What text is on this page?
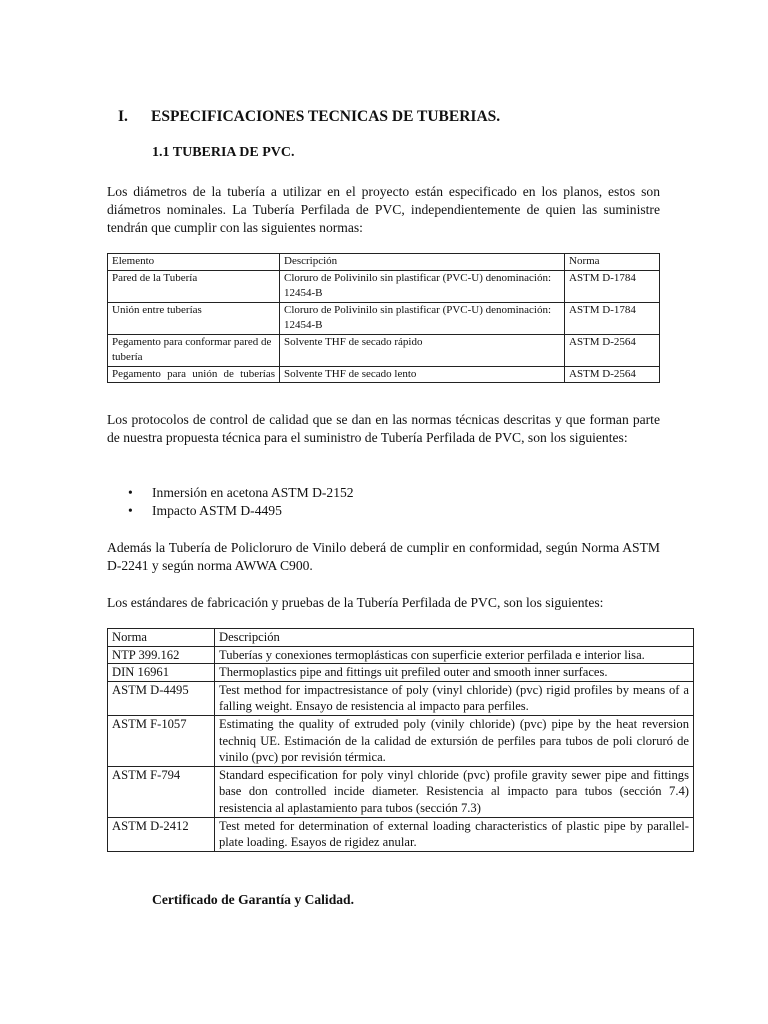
I. ESPECIFICACIONES TECNICAS DE TUBERIAS.
1.1 TUBERIA DE PVC.

Los diámetros de la tubería a utilizar en el proyecto están especificado en los planos, estos son diámetros nominales. La Tubería Perfilada de PVC, independientemente de quien las suministre tendrán que cumplir con las siguientes normas:

Elemento	Descripción	Norma
Pared de la Tubería	Cloruro de Polivinilo sin plastificar (PVC-U) denominación: 12454-B	ASTM D-1784
Unión entre tuberías	Cloruro de Polivinilo sin plastificar (PVC-U) denominación: 12454-B	ASTM D-1784
Pegamento para conformar pared de tubería	Solvente THF de secado rápido	ASTM D-2564
Pegamento para unión de tuberías	Solvente THF de secado lento	ASTM D-2564

Los protocolos de control de calidad que se dan en las normas técnicas descritas y que forman parte de nuestra propuesta técnica para el suministro de Tubería Perfilada de PVC, son los siguientes:

• Inmersión en acetona ASTM D-2152
• Impacto ASTM D-4495

Además la Tubería de Policloruro de Vinilo deberá de cumplir en conformidad, según Norma ASTM D-2241 y según norma AWWA C900.

Los estándares de fabricación y pruebas de la Tubería Perfilada de PVC, son los siguientes:

Norma	Descripción
NTP 399.162	Tuberías y conexiones termoplásticas con superficie exterior perfilada e interior lisa.
DIN 16961	Thermoplastics pipe and fittings uit prefiled outer and smooth inner surfaces.
ASTM D-4495	Test method for impactresistance of poly (vinyl chloride) (pvc) rigid profiles by means of a falling weight. Ensayo de resistencia al impacto para perfiles.
ASTM F-1057	Estimating the quality of extruded poly (vinily chloride) (pvc) pipe by the heat reversion techniq UE. Estimación de la calidad de extursión de perfiles para tubos de poli cloruró de vinilo (pvc) por revisión térmica.
ASTM F-794	Standard especification for poly vinyl chloride (pvc) profile gravity sewer pipe and fittings base don controlled incide diameter. Resistencia al impacto para tubos (sección 7.4) resistencia al aplastamiento para tubos (sección 7.3)
ASTM D-2412	Test meted for determination of external loading characteristics of plastic pipe by parallel-plate loading. Esayos de rigidez anular.
Certificado de Garantía y Calidad.
